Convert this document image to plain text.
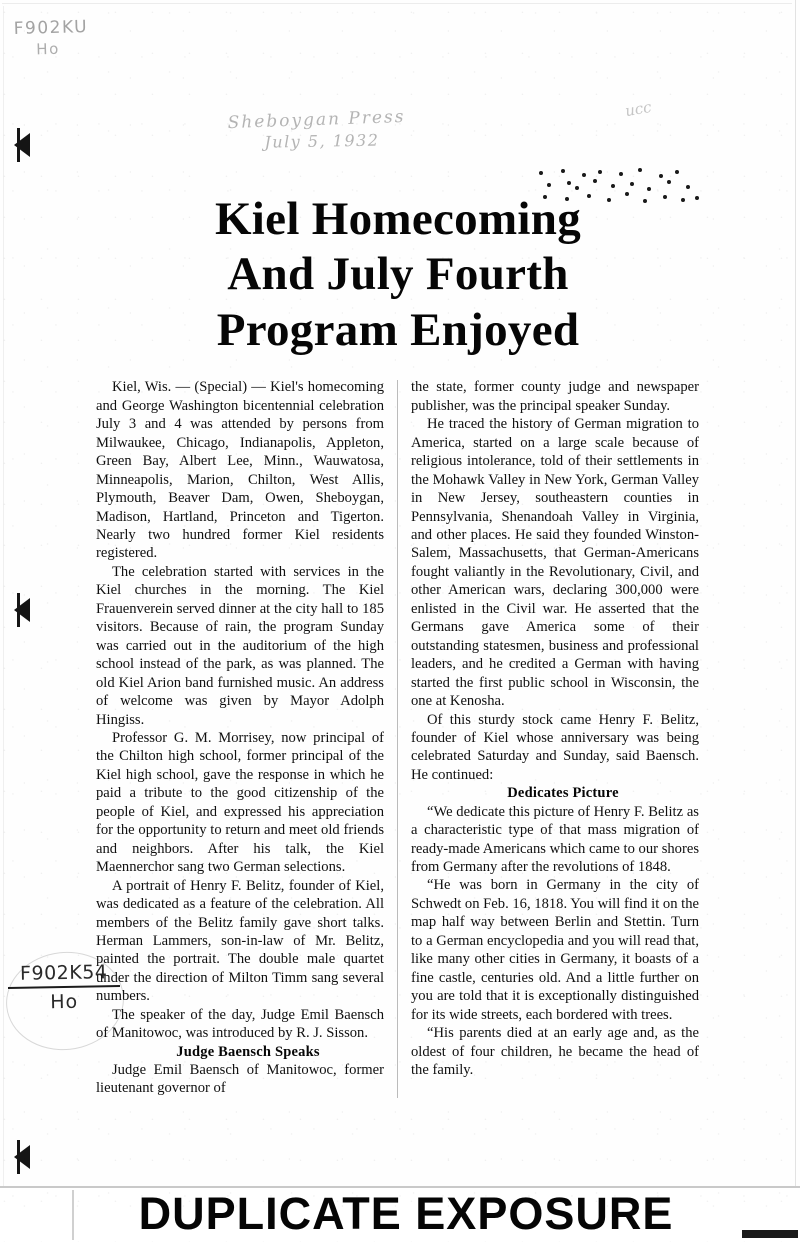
F902KU
Ho
Sheboygan Press
July 5, 1932
ucc
F902K54
Ho
Kiel Homecoming
And July Fourth
Program Enjoyed

Kiel, Wis. — (Special) — Kiel's homecoming and George Washington bicentennial celebration July 3 and 4 was attended by persons from Milwaukee, Chicago, Indianapolis, Appleton, Green Bay, Albert Lee, Minn., Wauwatosa, Minneapolis, Marion, Chilton, West Allis, Plymouth, Beaver Dam, Owen, Sheboygan, Madison, Hartland, Princeton and Tigerton. Nearly two hundred former Kiel residents registered.

The celebration started with services in the Kiel churches in the morning. The Kiel Frauenverein served dinner at the city hall to 185 visitors. Because of rain, the program Sunday was carried out in the auditorium of the high school instead of the park, as was planned. The old Kiel Arion band furnished music. An address of welcome was given by Mayor Adolph Hingiss.

Professor G. M. Morrisey, now principal of the Chilton high school, former principal of the Kiel high school, gave the response in which he paid a tribute to the good citizenship of the people of Kiel, and expressed his appreciation for the opportunity to return and meet old friends and neighbors. After his talk, the Kiel Maennerchor sang two German selections.

A portrait of Henry F. Belitz, founder of Kiel, was dedicated as a feature of the celebration. All members of the Belitz family gave short talks. Herman Lammers, son-in-law of Mr. Belitz, painted the portrait. The double male quartet under the direction of Milton Timm sang several numbers.

The speaker of the day, Judge Emil Baensch of Manitowoc, was introduced by R. J. Sisson.

Judge Baensch Speaks

Judge Emil Baensch of Manitowoc, former lieutenant governor of

the state, former county judge and newspaper publisher, was the principal speaker Sunday.

He traced the history of German migration to America, started on a large scale because of religious intolerance, told of their settlements in the Mohawk Valley in New York, German Valley in New Jersey, southeastern counties in Pennsylvania, Shenandoah Valley in Virginia, and other places. He said they founded Winston-Salem, Massachusetts, that German-Americans fought valiantly in the Revolutionary, Civil, and other American wars, declaring 300,000 were enlisted in the Civil war. He asserted that the Germans gave America some of their outstanding statesmen, business and professional leaders, and he credited a German with having started the first public school in Wisconsin, the one at Kenosha.

Of this sturdy stock came Henry F. Belitz, founder of Kiel whose anniversary was being celebrated Saturday and Sunday, said Baensch. He continued:

Dedicates Picture

“We dedicate this picture of Henry F. Belitz as a characteristic type of that mass migration of ready-made Americans which came to our shores from Germany after the revolutions of 1848.

“He was born in Germany in the city of Schwedt on Feb. 16, 1818. You will find it on the map half way between Berlin and Stettin. Turn to a German encyclopedia and you will read that, like many other cities in Germany, it boasts of a fine castle, centuries old. And a little further on you are told that it is exceptionally distinguished for its wide streets, each bordered with trees.

“His parents died at an early age and, as the oldest of four children, he became the head of the family.

DUPLICATE EXPOSURE
